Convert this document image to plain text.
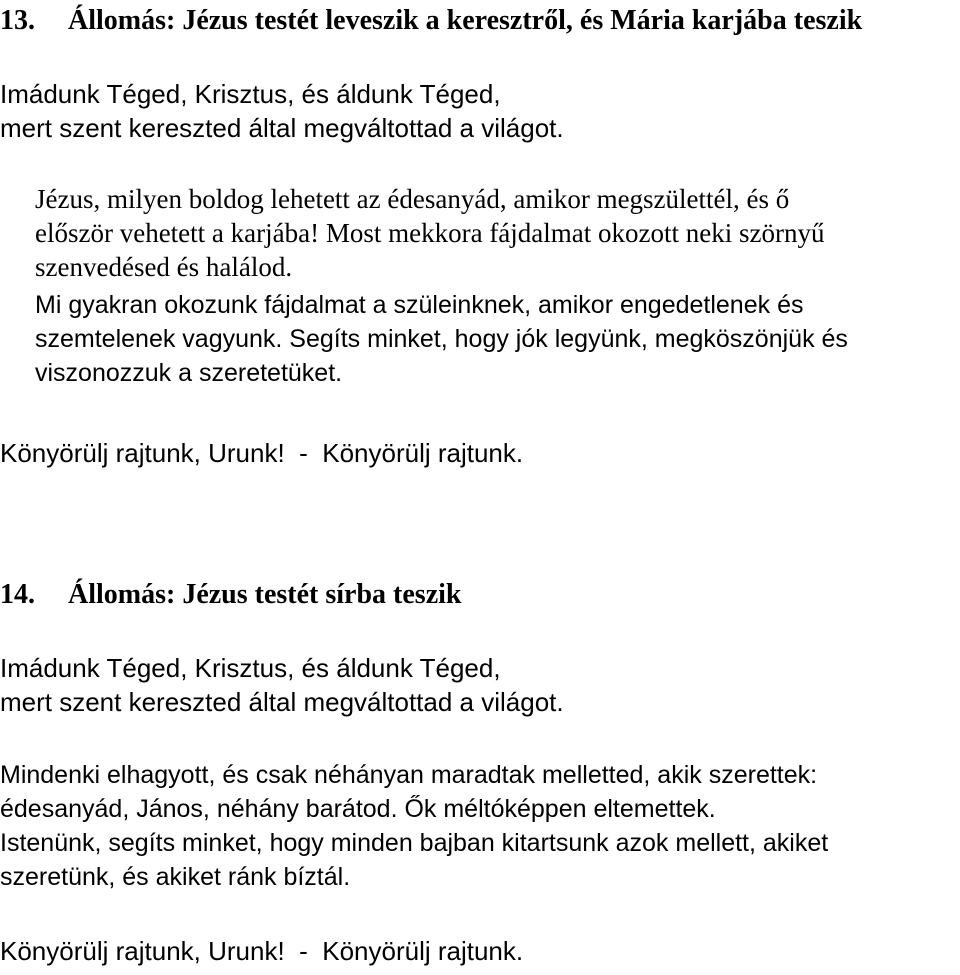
13. Állomás: Jézus testét leveszik a keresztről, és Mária karjába teszik

Imádunk Téged, Krisztus, és áldunk Téged,

mert szent kereszted által megváltottad a világot.

Jézus, milyen boldog lehetett az édesanyád, amikor megszülettél, és ő

először vehetett a karjába! Most mekkora fájdalmat okozott neki szörnyű

szenvedésed és halálod.

Mi gyakran okozunk fájdalmat a szüleinknek, amikor engedetlenek és

szemtelenek vagyunk. Segíts minket, hogy jók legyünk, megköszönjük és

viszonozzuk a szeretetüket.

Könyörülj rajtunk, Urunk!  -  Könyörülj rajtunk.

14. Állomás: Jézus testét sírba teszik

Imádunk Téged, Krisztus, és áldunk Téged,

mert szent kereszted által megváltottad a világot.

Mindenki elhagyott, és csak néhányan maradtak melletted, akik szerettek:

édesanyád, János, néhány barátod. Ők méltóképpen eltemettek.

Istenünk, segíts minket, hogy minden bajban kitartsunk azok mellett, akiket

szeretünk, és akiket ránk bíztál.

Könyörülj rajtunk, Urunk!  -  Könyörülj rajtunk.
